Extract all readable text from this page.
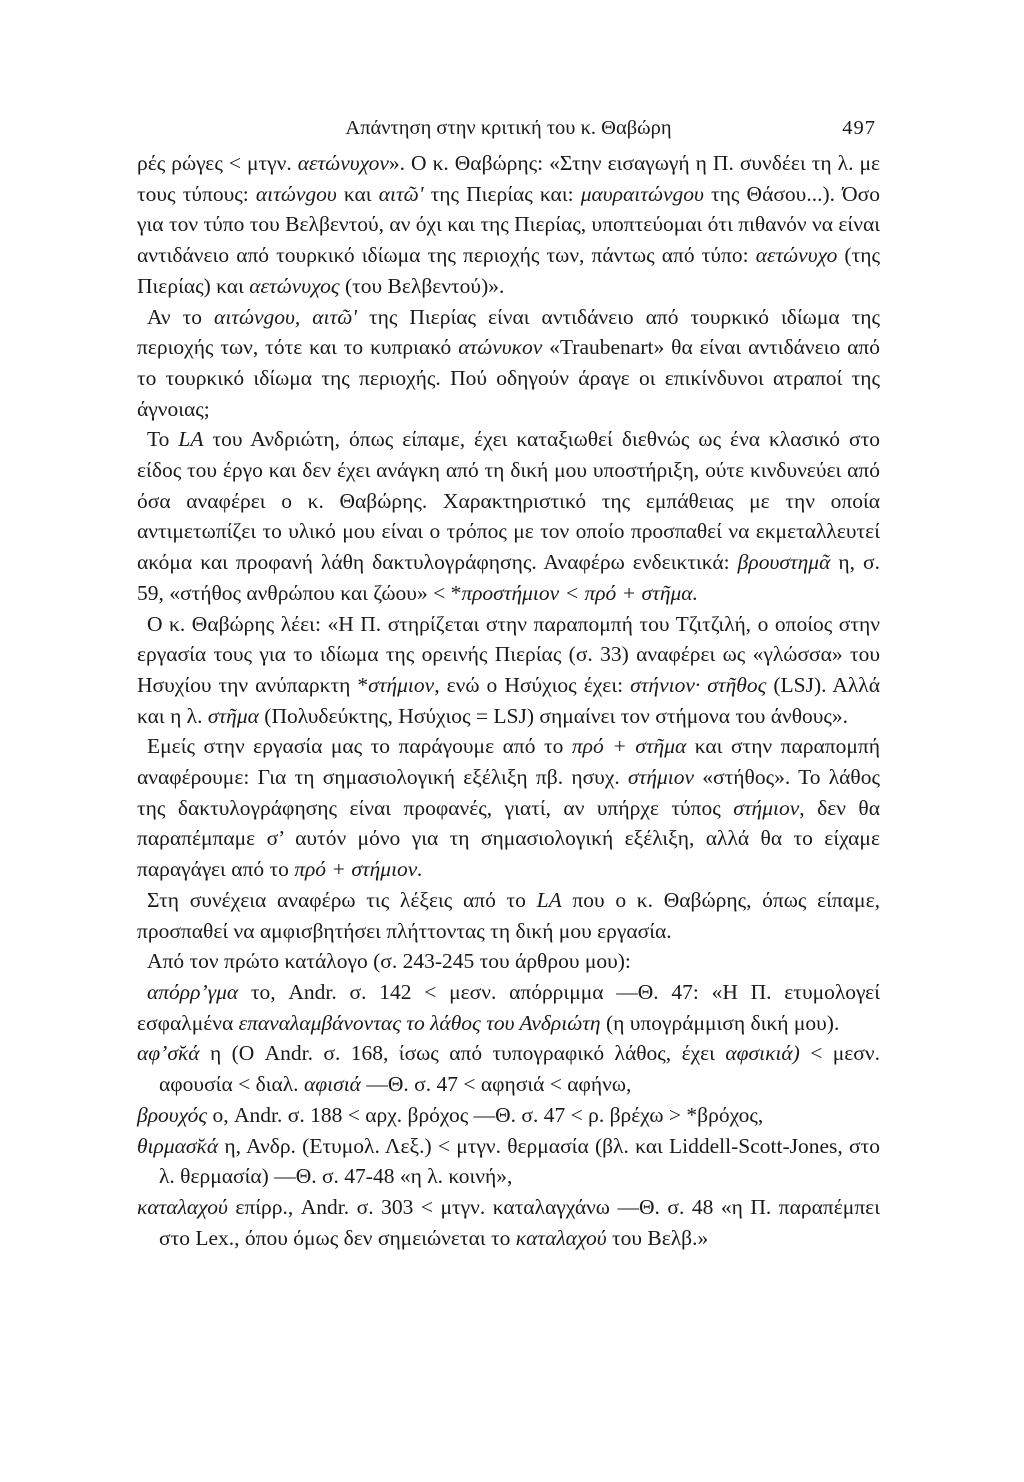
Απάντηση στην κριτική του κ. Θαβώρη	497

ρές ρώγες < μτγν. αετώνυχον». Ο κ. Θαβώρης: «Στην εισαγωγή η Π. συνδέει τη λ. με τους τύπους: αιτώνgου και αιτῶ' της Πιερίας και: μαυραιτώνgου της Θάσου...). Όσο για τον τύπο του Βελβεντού, αν όχι και της Πιερίας, υποπτεύομαι ότι πιθανόν να είναι αντιδάνειο από τουρκικό ιδίωμα της περιοχής των, πάντως από τύπο: αετώνυχο (της Πιερίας) και αετώνυχος (του Βελβεντού)».

Αν το αιτώνgου, αιτῶ' της Πιερίας είναι αντιδάνειο από τουρκικό ιδίωμα της περιοχής των, τότε και το κυπριακό ατώνυκον «Traubenart» θα είναι αντιδάνειο από το τουρκικό ιδίωμα της περιοχής. Πού οδηγούν άραγε οι επικίνδυνοι ατραποί της άγνοιας;

Το LA του Ανδριώτη, όπως είπαμε, έχει καταξιωθεί διεθνώς ως ένα κλασικό στο είδος του έργο και δεν έχει ανάγκη από τη δική μου υποστήριξη, ούτε κινδυνεύει από όσα αναφέρει ο κ. Θαβώρης. Χαρακτηριστικό της εμπάθειας με την οποία αντιμετωπίζει το υλικό μου είναι ο τρόπος με τον οποίο προσπαθεί να εκμεταλλευτεί ακόμα και προφανή λάθη δακτυλογράφησης. Αναφέρω ενδεικτικά: βρουστημᾶ η, σ. 59, «στήθος ανθρώπου και ζώου» < *προστήμιον < πρό + στῆμα.

Ο κ. Θαβώρης λέει: «Η Π. στηρίζεται στην παραπομπή του Τζιτζιλή, ο οποίος στην εργασία τους για το ιδίωμα της ορεινής Πιερίας (σ. 33) αναφέρει ως «γλώσσα» του Ησυχίου την ανύπαρκτη *στήμιον, ενώ ο Ησύχιος έχει: στήνιον· στῆθος (LSJ). Αλλά και η λ. στῆμα (Πολυδεύκτης, Ησύχιος = LSJ) σημαίνει τον στήμονα του άνθους».

Εμείς στην εργασία μας το παράγουμε από το πρό + στῆμα και στην παραπομπή αναφέρουμε: Για τη σημασιολογική εξέλιξη πβ. ησυχ. στήμιον «στήθος». Το λάθος της δακτυλογράφησης είναι προφανές, γιατί, αν υπήρχε τύπος στήμιον, δεν θα παραπέμπαμε σ’ αυτόν μόνο για τη σημασιολογική εξέλιξη, αλλά θα το είχαμε παραγάγει από το πρό + στήμιον.

Στη συνέχεια αναφέρω τις λέξεις από το LA που ο κ. Θαβώρης, όπως είπαμε, προσπαθεί να αμφισβητήσει πλήττοντας τη δική μου εργασία.

Από τον πρώτο κατάλογο (σ. 243-245 του άρθρου μου):

απόρρ’γμα το, Andr. σ. 142 < μεσν. απόρριμμα —Θ. 47: «Η Π. ετυμολογεί εσφαλμένα επαναλαμβάνοντας το λάθος του Ανδριώτη (η υπογράμμιση δική μου).

αφ’σ̆κά η (Ο Andr. σ. 168, ίσως από τυπογραφικό λάθος, έχει αφσικιά) < μεσν. αφουσία < διαλ. αφισιά —Θ. σ. 47 < αφησιά < αφήνω,

βρουχός ο, Andr. σ. 188 < αρχ. βρόχος —Θ. σ. 47 < ρ. βρέχω > *βρόχος,

θιρμασ̆κά η, Ανδρ. (Ετυμολ. Λεξ.) < μτγν. θερμασία (βλ. και Liddell-Scott-Jones, στο λ. θερμασία) —Θ. σ. 47-48 «η λ. κοινή»,

καταλαχού επίρρ., Andr. σ. 303 < μτγν. καταλαγχάνω —Θ. σ. 48 «η Π. παραπέμπει στο Lex., όπου όμως δεν σημειώνεται το καταλαχού του Βελβ.»
